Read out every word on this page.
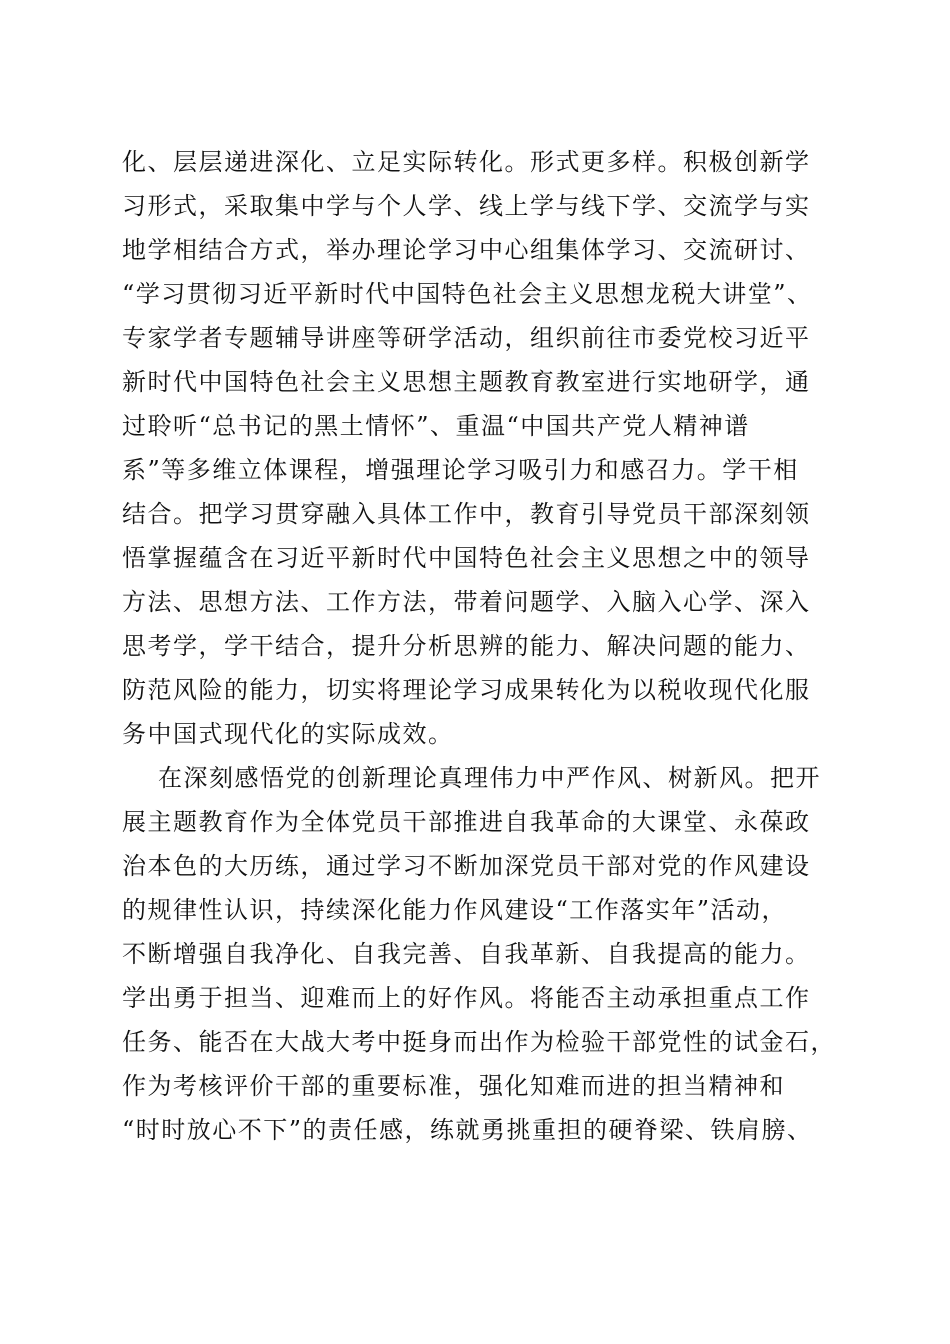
化、层层递进深化、立足实际转化。形式更多样。积极创新学
习形式，采取集中学与个人学、线上学与线下学、交流学与实
地学相结合方式，举办理论学习中心组集体学习、交流研讨、
“学习贯彻习近平新时代中国特色社会主义思想龙税大讲堂”、
专家学者专题辅导讲座等研学活动，组织前往市委党校习近平
新时代中国特色社会主义思想主题教育教室进行实地研学，通
过聆听“总书记的黑土情怀”、重温“中国共产党人精神谱
系”等多维立体课程，增强理论学习吸引力和感召力。学干相
结合。把学习贯穿融入具体工作中，教育引导党员干部深刻领
悟掌握蕴含在习近平新时代中国特色社会主义思想之中的领导
方法、思想方法、工作方法，带着问题学、入脑入心学、深入
思考学，学干结合，提升分析思辨的能力、解决问题的能力、
防范风险的能力，切实将理论学习成果转化为以税收现代化服
务中国式现代化的实际成效。
在深刻感悟党的创新理论真理伟力中严作风、树新风。把开
展主题教育作为全体党员干部推进自我革命的大课堂、永葆政
治本色的大历练，通过学习不断加深党员干部对党的作风建设
的规律性认识，持续深化能力作风建设“工作落实年”活动，
不断增强自我净化、自我完善、自我革新、自我提高的能力。
学出勇于担当、迎难而上的好作风。将能否主动承担重点工作
任务、能否在大战大考中挺身而出作为检验干部党性的试金石，
作为考核评价干部的重要标准，强化知难而进的担当精神和
“时时放心不下”的责任感，练就勇挑重担的硬脊梁、铁肩膀、
